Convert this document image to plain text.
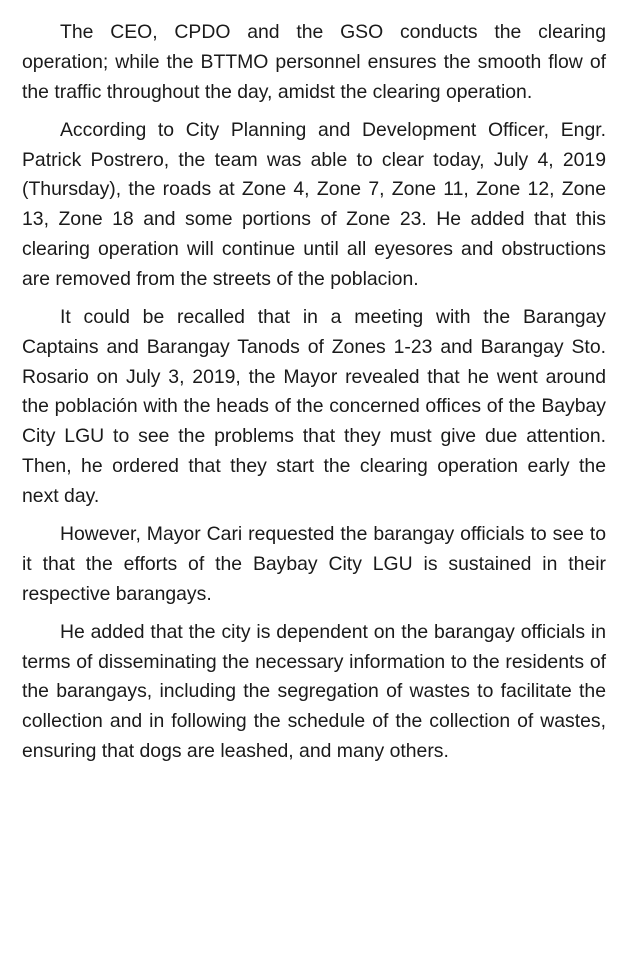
The CEO, CPDO and the GSO conducts the clearing operation; while the BTTMO personnel ensures the smooth flow of the traffic throughout the day, amidst the clearing operation.

According to City Planning and Development Officer, Engr. Patrick Postrero, the team was able to clear today, July 4, 2019 (Thursday), the roads at Zone 4, Zone 7, Zone 11, Zone 12, Zone 13, Zone 18 and some portions of Zone 23. He added that this clearing operation will continue until all eyesores and obstructions are removed from the streets of the poblacion.

It could be recalled that in a meeting with the Barangay Captains and Barangay Tanods of Zones 1-23 and Barangay Sto. Rosario on July 3, 2019, the Mayor revealed that he went around the población with the heads of the concerned offices of the Baybay City LGU to see the problems that they must give due attention. Then, he ordered that they start the clearing operation early the next day.

However, Mayor Cari requested the barangay officials to see to it that the efforts of the Baybay City LGU is sustained in their respective barangays.

He added that the city is dependent on the barangay officials in terms of disseminating the necessary information to the residents of the barangays, including the segregation of wastes to facilitate the collection and in following the schedule of the collection of wastes, ensuring that dogs are leashed, and many others.
